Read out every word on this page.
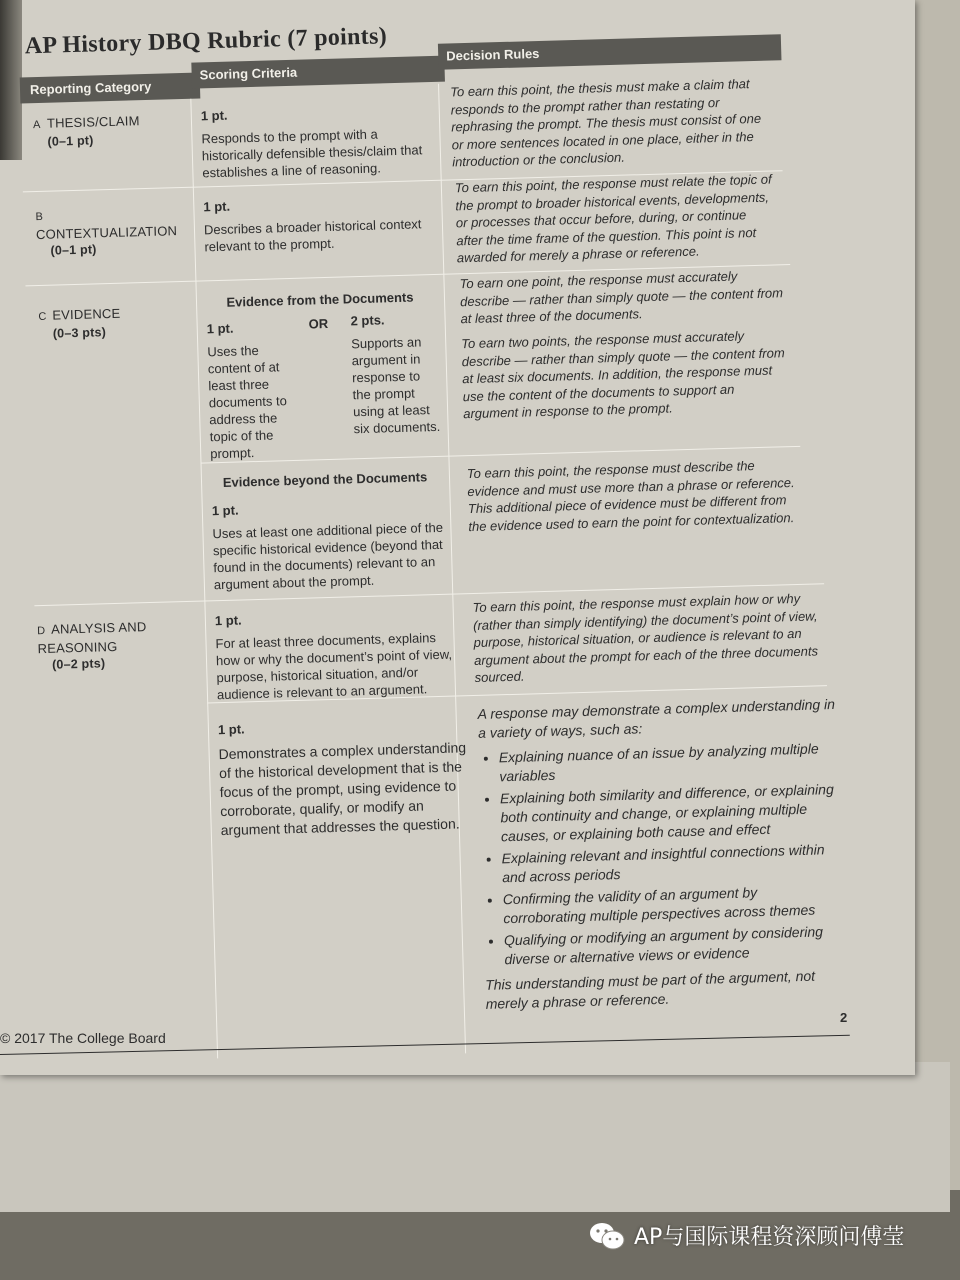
AP History DBQ Rubric (7 points)
Reporting Category
Scoring Criteria
Decision Rules
A THESIS/CLAIM
(0–1 pt)
1 pt.
Responds to the prompt with a historically defensible thesis/claim that establishes a line of reasoning.
To earn this point, the thesis must make a claim that responds to the prompt rather than restating or rephrasing the prompt. The thesis must consist of one or more sentences located in one place, either in the introduction or the conclusion.
BCONTEXTUALIZATION
(0–1 pt)
1 pt.
Describes a broader historical context relevant to the prompt.
To earn this point, the response must relate the topic of the prompt to broader historical events, developments, or processes that occur before, during, or continue after the time frame of the question. This point is not awarded for merely a phrase or reference.
C EVIDENCE
(0–3 pts)
Evidence from the Documents
1 pt.
Uses the content of at least three documents to address the topic of the prompt.
OR	2 pts.
Supports an argument in response to the prompt using at least six documents.
To earn one point, the response must accurately describe — rather than simply quote — the content from at least three of the documents.
To earn two points, the response must accurately describe — rather than simply quote — the content from at least six documents. In addition, the response must use the content of the documents to support an argument in response to the prompt.
Evidence beyond the Documents
1 pt.
Uses at least one additional piece of the specific historical evidence (beyond that found in the documents) relevant to an argument about the prompt.
To earn this point, the response must describe the evidence and must use more than a phrase or reference. This additional piece of evidence must be different from the evidence used to earn the point for contextualization.
D ANALYSIS AND REASONING
(0–2 pts)
1 pt.
For at least three documents, explains how or why the document’s point of view, purpose, historical situation, and/or audience is relevant to an argument.
To earn this point, the response must explain how or why (rather than simply identifying) the document’s point of view, purpose, historical situation, or audience is relevant to an argument about the prompt for each of the three documents sourced.
1 pt.
Demonstrates a complex understanding of the historical development that is the focus of the prompt, using evidence to corroborate, qualify, or modify an argument that addresses the question.
A response may demonstrate a complex understanding in a variety of ways, such as:
• Explaining nuance of an issue by analyzing multiple variables
• Explaining both similarity and difference, or explaining both continuity and change, or explaining multiple causes, or explaining both cause and effect
• Explaining relevant and insightful connections within and across periods
• Confirming the validity of an argument by corroborating multiple perspectives across themes
• Qualifying or modifying an argument by considering diverse or alternative views or evidence
This understanding must be part of the argument, not merely a phrase or reference.
2
© 2017 The College Board
AP与国际课程资深顾问傅莹
